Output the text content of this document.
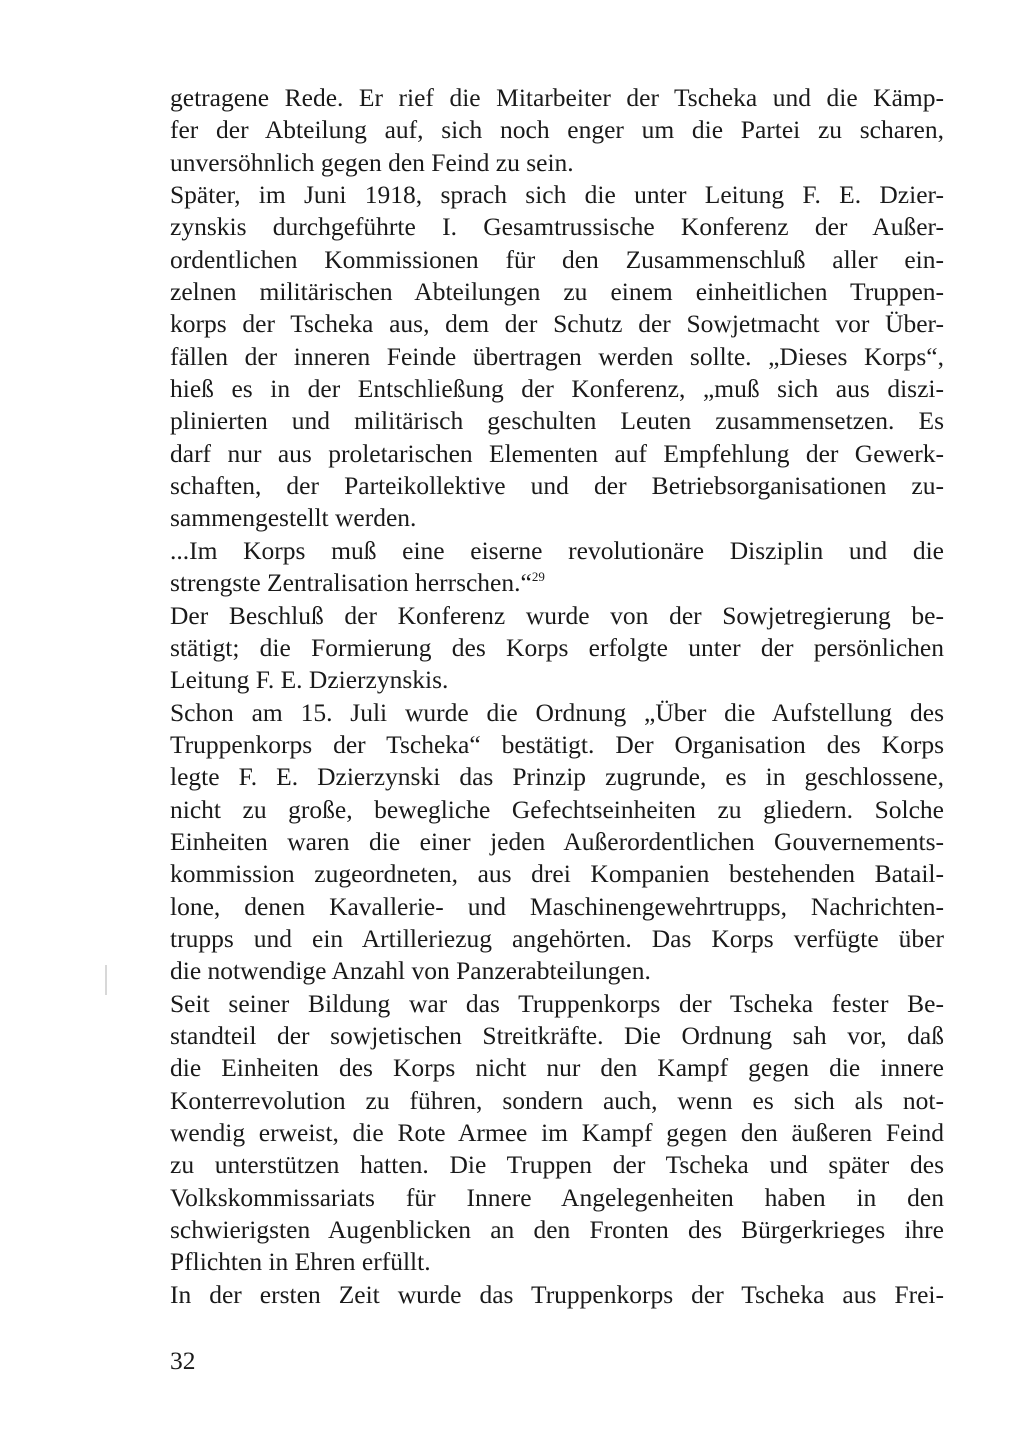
getragene Rede. Er rief die Mitarbeiter der Tscheka und die Kämp-
fer der Abteilung auf, sich noch enger um die Partei zu scharen,
unversöhnlich gegen den Feind zu sein.
Später, im Juni 1918, sprach sich die unter Leitung F. E. Dzier-
zynskis durchgeführte I. Gesamtrussische Konferenz der Außer-
ordentlichen Kommissionen für den Zusammenschluß aller ein-
zelnen militärischen Abteilungen zu einem einheitlichen Truppen-
korps der Tscheka aus, dem der Schutz der Sowjetmacht vor Über-
fällen der inneren Feinde übertragen werden sollte. „Dieses Korps“,
hieß es in der Entschließung der Konferenz, „muß sich aus diszi-
plinierten und militärisch geschulten Leuten zusammensetzen. Es
darf nur aus proletarischen Elementen auf Empfehlung der Gewerk-
schaften, der Parteikollektive und der Betriebsorganisationen zu-
sammengestellt werden.
...Im Korps muß eine eiserne revolutionäre Disziplin und die
strengste Zentralisation herrschen.“$^{29}$
Der Beschluß der Konferenz wurde von der Sowjetregierung be-
stätigt; die Formierung des Korps erfolgte unter der persönlichen
Leitung F. E. Dzierzynskis.
Schon am 15. Juli wurde die Ordnung „Über die Aufstellung des
Truppenkorps der Tscheka“ bestätigt. Der Organisation des Korps
legte F. E. Dzierzynski das Prinzip zugrunde, es in geschlossene,
nicht zu große, bewegliche Gefechtseinheiten zu gliedern. Solche
Einheiten waren die einer jeden Außerordentlichen Gouvernements-
kommission zugeordneten, aus drei Kompanien bestehenden Batail-
lone, denen Kavallerie- und Maschinengewehrtrupps, Nachrichten-
trupps und ein Artilleriezug angehörten. Das Korps verfügte über
die notwendige Anzahl von Panzerabteilungen.
Seit seiner Bildung war das Truppenkorps der Tscheka fester Be-
standteil der sowjetischen Streitkräfte. Die Ordnung sah vor, daß
die Einheiten des Korps nicht nur den Kampf gegen die innere
Konterrevolution zu führen, sondern auch, wenn es sich als not-
wendig erweist, die Rote Armee im Kampf gegen den äußeren Feind
zu unterstützen hatten. Die Truppen der Tscheka und später des
Volkskommissariats für Innere Angelegenheiten haben in den
schwierigsten Augenblicken an den Fronten des Bürgerkrieges ihre
Pflichten in Ehren erfüllt.
In der ersten Zeit wurde das Truppenkorps der Tscheka aus Frei-
32
